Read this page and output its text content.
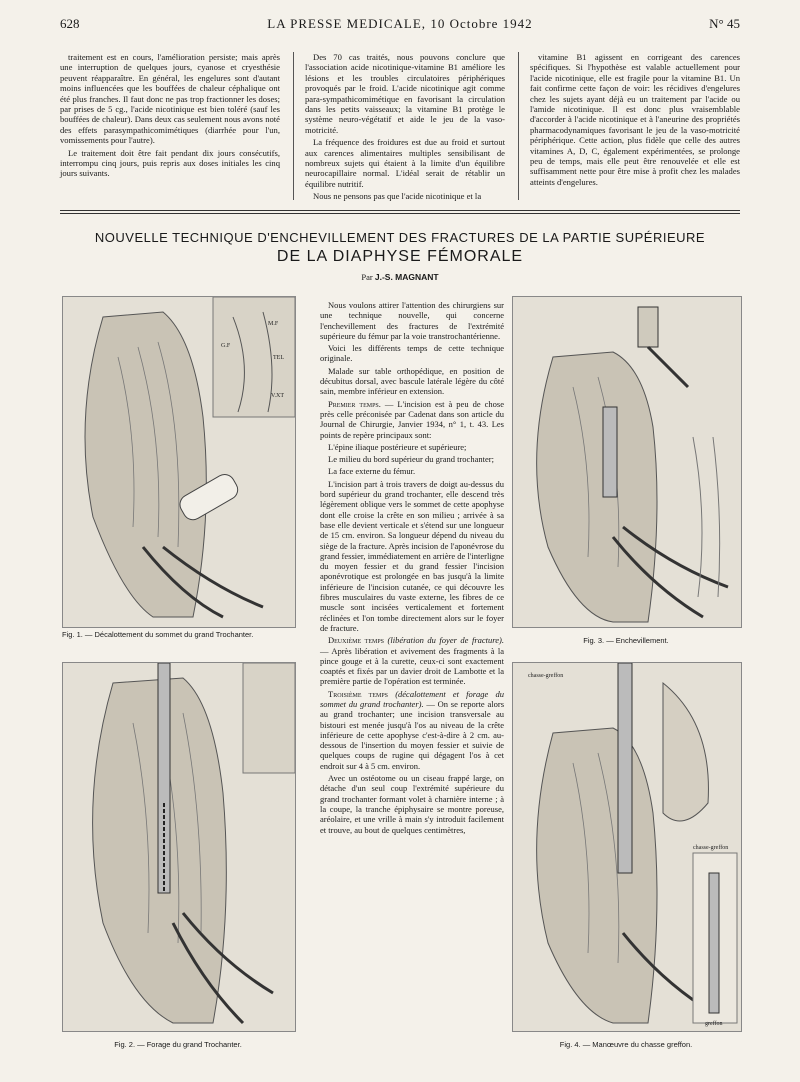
628	LA PRESSE MEDICALE, 10 Octobre 1942	N° 45

traitement est en cours, l'amélioration persiste; mais après une interruption de quelques jours, cyanose et cryesthésie peuvent réapparaître. En général, les engelures sont d'autant moins influencées que les bouffées de chaleur céphalique ont été plus franches. Il faut donc ne pas trop fractionner les doses; par prises de 5 cg., l'acide nicotinique est bien toléré (sauf les bouffées de chaleur). Dans deux cas seulement nous avons noté des effets parasympathicomimétiques (diarrhée pour l'un, vomissements pour l'autre).

Le traitement doit être fait pendant dix jours consécutifs, interrompu cinq jours, puis repris aux doses initiales les cinq jours suivants.

Des 70 cas traités, nous pouvons conclure que l'association acide nicotinique-vitamine B1 améliore les lésions et les troubles circulatoires périphériques provoqués par le froid. L'acide nicotinique agit comme para-sympathicomimétique en favorisant la circulation dans les petits vaisseaux; la vitamine B1 protège le système neuro-végétatif et aide le jeu de la vaso-motricité.

La fréquence des froidures est due au froid et surtout aux carences alimentaires multiples sensibilisant de nombreux sujets qui étaient à la limite d'un équilibre neurocapillaire normal. L'idéal serait de rétablir un équilibre nutritif.

Nous ne pensons pas que l'acide nicotinique et la

vitamine B1 agissent en corrigeant des carences spécifiques. Si l'hypothèse est valable actuellement pour l'acide nicotinique, elle est fragile pour la vitamine B1. Un fait confirme cette façon de voir: les récidives d'engelures chez les sujets ayant déjà eu un traitement par l'acide ou l'amide nicotinique. Il est donc plus vraisemblable d'accorder à l'acide nicotinique et à l'aneurine des propriétés pharmacodynamiques favorisant le jeu de la vaso-motricité périphérique. Cette action, plus fidèle que celle des autres vitamines A, D, C, également expérimentées, se prolonge peu de temps, mais elle peut être renouvelée et elle est suffisamment nette pour être mise à profit chez les malades atteints d'engelures.

NOUVELLE TECHNIQUE D'ENCHEVILLEMENT DES FRACTURES DE LA PARTIE SUPÉRIEURE
DE LA DIAPHYSE FÉMORALE
Par J.-S. MAGNANT
G.F
M.F
TEL
V.XT
Fig. 1. — Décalottement du sommet du grand Trochanter.
Fig. 2. — Forage du grand Trochanter.
Fig. 3. — Enchevillement.
chasse-greffon
chasse-greffon
greffon
Fig. 4. — Manœuvre du chasse greffon.

Nous voulons attirer l'attention des chirurgiens sur une technique nouvelle, qui concerne l'enchevillement des fractures de l'extrémité supérieure du fémur par la voie transtrochantérienne.

Voici les différents temps de cette technique originale.

Malade sur table orthopédique, en position de décubitus dorsal, avec bascule latérale légère du côté sain, membre inférieur en extension.

Premier temps. — L'incision est à peu de chose près celle préconisée par Cadenat dans son article du Journal de Chirurgie, Janvier 1934, n° 1, t. 43. Les points de repère principaux sont:

L'épine iliaque postérieure et supérieure;

Le milieu du bord supérieur du grand trochanter;

La face externe du fémur.

L'incision part à trois travers de doigt au-dessus du bord supérieur du grand trochanter, elle descend très légèrement oblique vers le sommet de cette apophyse dont elle croise la crête en son milieu ; arrivée à sa base elle devient verticale et s'étend sur une longueur de 15 cm. environ. Sa longueur dépend du niveau du siège de la fracture. Après incision de l'aponévrose du grand fessier, immédiatement en arrière de l'interligne du moyen fessier et du grand fessier l'incision aponévrotique est prolongée en bas jusqu'à la limite inférieure de l'incision cutanée, ce qui découvre les fibres musculaires du vaste externe, les fibres de ce muscle sont incisées verticalement et fortement réclinées et l'on tombe directement alors sur le foyer de fracture.

Deuxième temps (libération du foyer de fracture). — Après libération et avivement des fragments à la pince gouge et à la curette, ceux-ci sont exactement coaptés et fixés par un davier droit de Lambotte et la première partie de l'opération est terminée.

Troisième temps (décalottement et forage du sommet du grand trochanter). — On se reporte alors au grand trochanter; une incision transversale au bistouri est menée jusqu'à l'os au niveau de la crête inférieure de cette apophyse c'est-à-dire à 2 cm. au-dessous de l'insertion du moyen fessier et suivie de quelques coups de rugine qui dégagent l'os à cet endroit sur 4 à 5 cm. environ.

Avec un ostéotome ou un ciseau frappé large, on détache d'un seul coup l'extrémité supérieure du grand trochanter formant volet à charnière interne ; à la coupe, la tranche épiphysaire se montre poreuse, aréolaire, et une vrille à main s'y introduit facilement et trouve, au bout de quelques centimètres,
